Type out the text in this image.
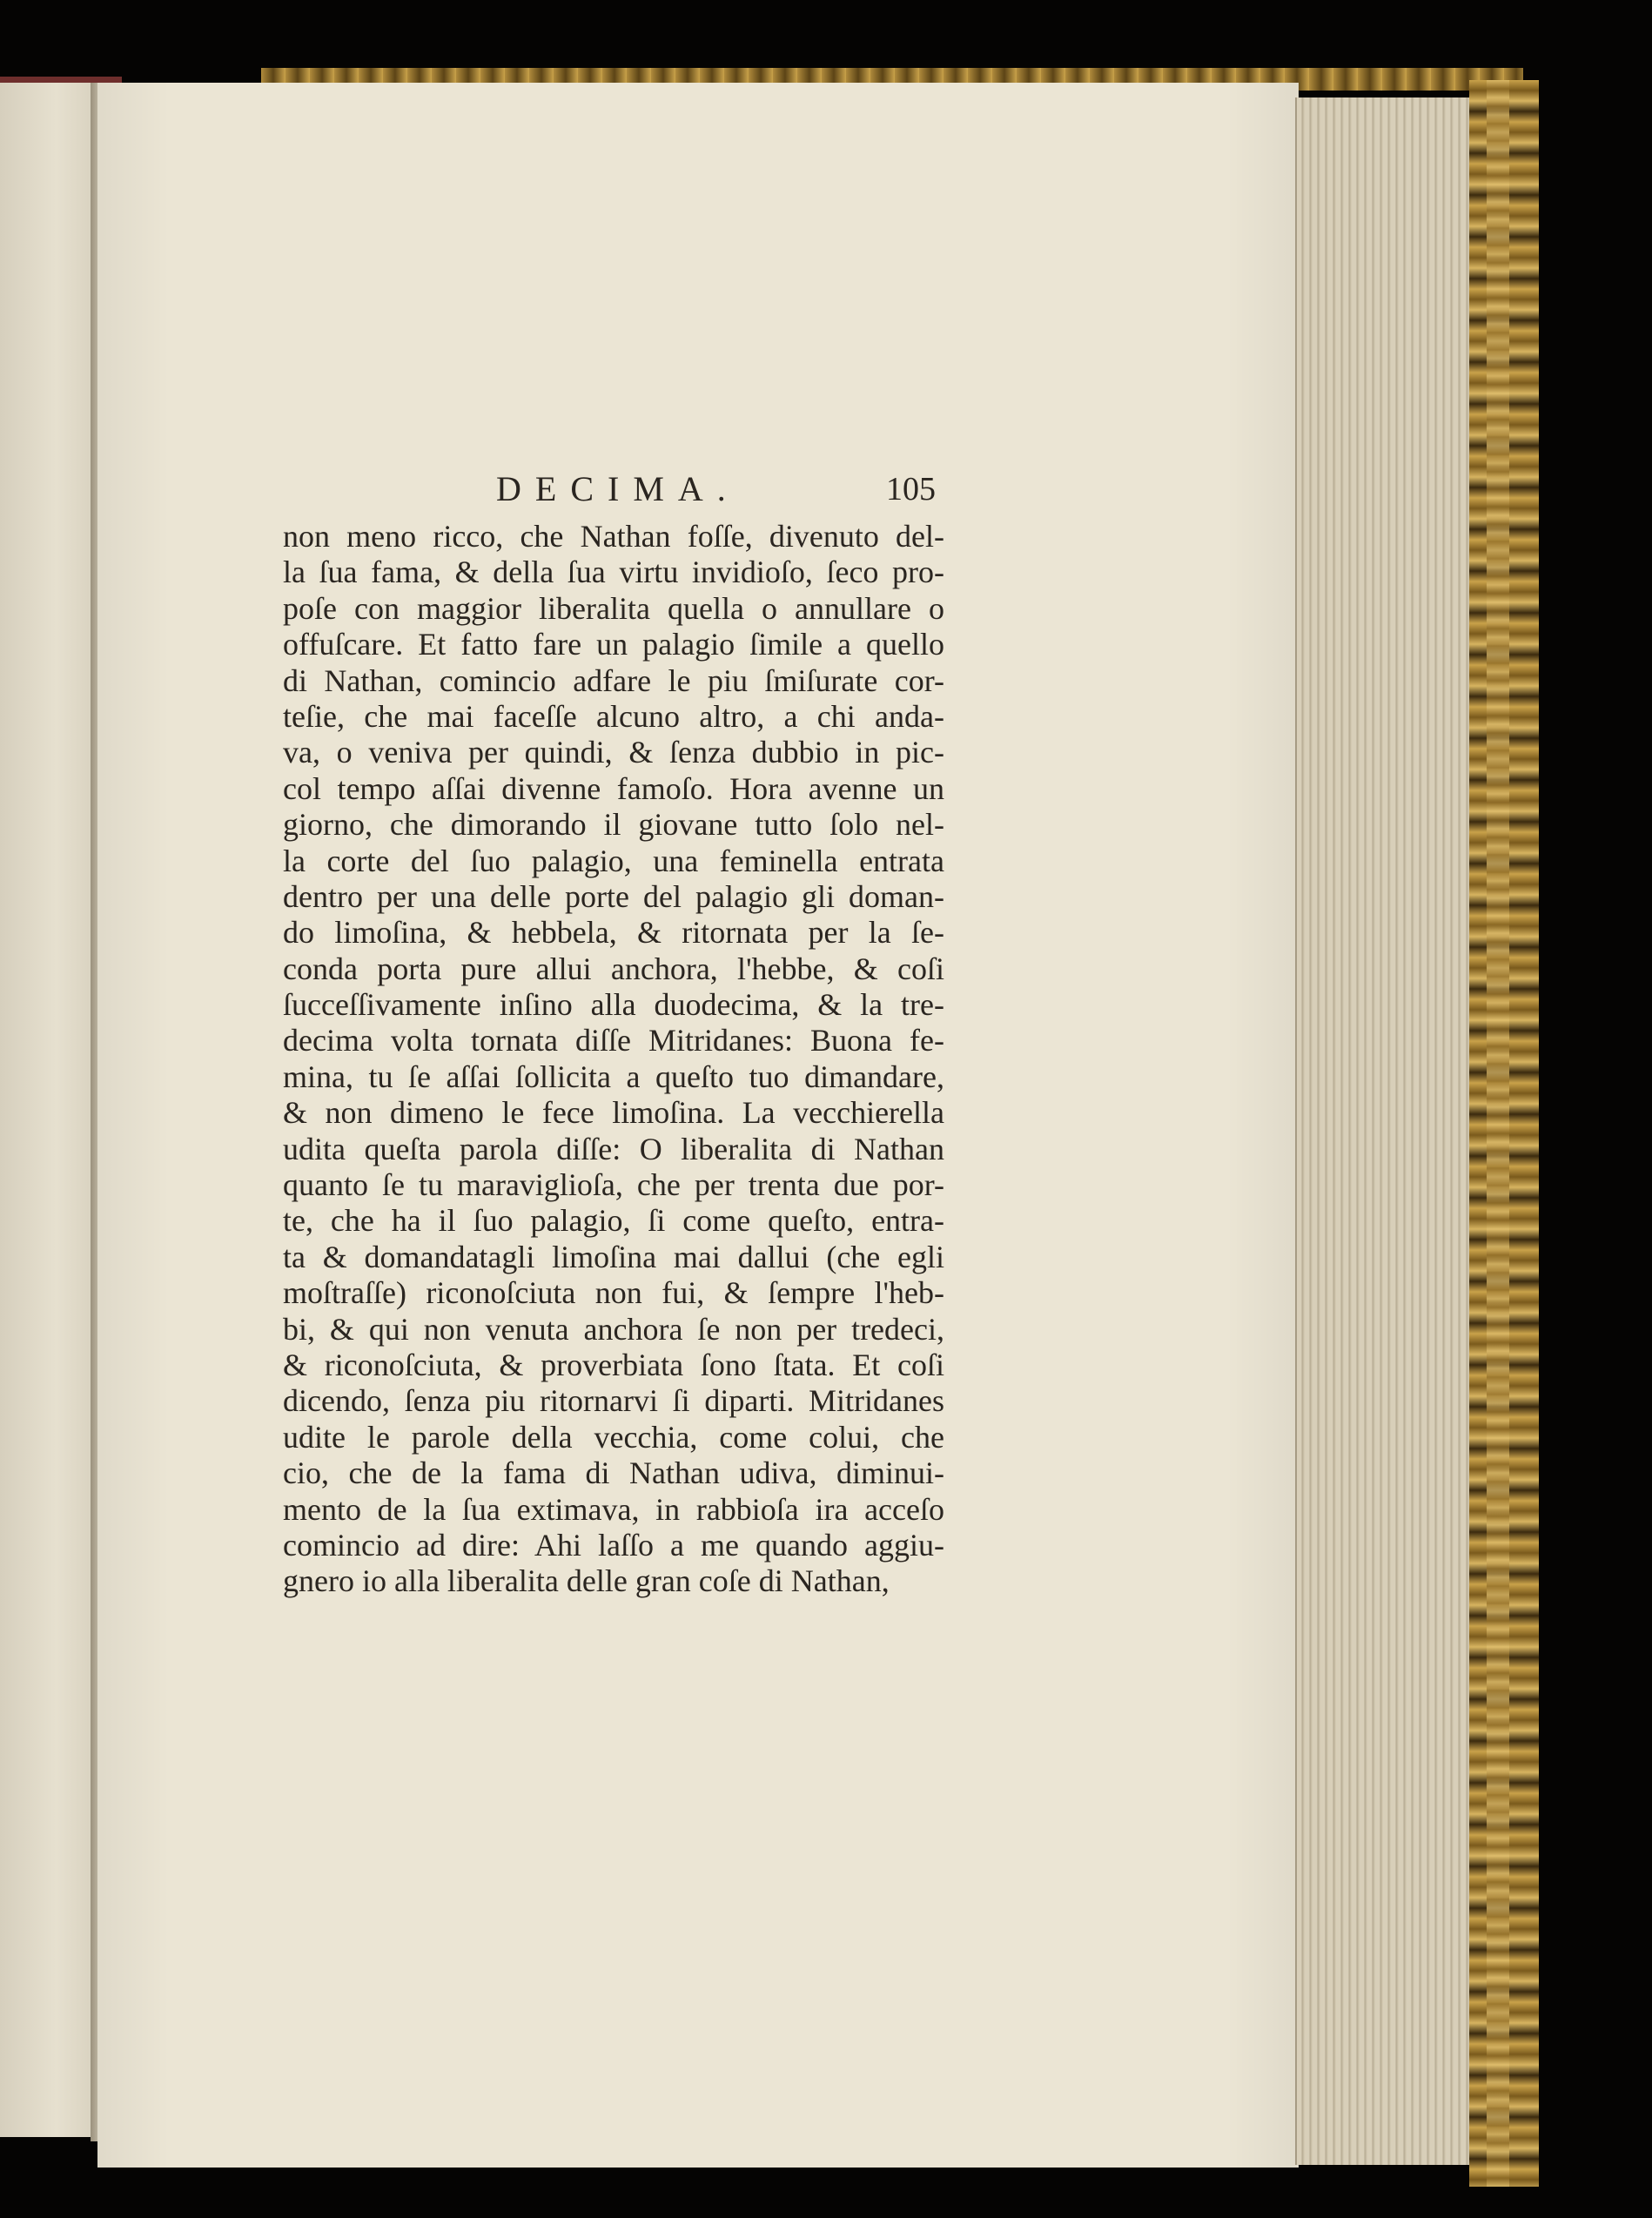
DECIMA.	105
non meno ricco, che Nathan foſſe, divenuto del-
la ſua fama, & della ſua virtu invidioſo, ſeco pro-
poſe con maggior liberalita quella o annullare o
offuſcare. Et fatto fare un palagio ſimile a quello
di Nathan, comincio adfare le piu ſmiſurate cor-
teſie, che mai faceſſe alcuno altro, a chi anda-
va, o veniva per quindi, & ſenza dubbio in pic-
col tempo aſſai divenne famoſo. Hora avenne un
giorno, che dimorando il giovane tutto ſolo nel-
la corte del ſuo palagio, una feminella entrata
dentro per una delle porte del palagio gli doman-
do limoſina, & hebbela, & ritornata per la ſe-
conda porta pure allui anchora, l'hebbe, & coſi
ſucceſſivamente inſino alla duodecima, & la tre-
decima volta tornata diſſe Mitridanes: Buona fe-
mina, tu ſe aſſai ſollicita a queſto tuo dimandare,
& non dimeno le fece limoſina. La vecchierella
udita queſta parola diſſe: O liberalita di Nathan
quanto ſe tu maraviglioſa, che per trenta due por-
te, che ha il ſuo palagio, ſi come queſto, entra-
ta & domandatagli limoſina mai dallui (che egli
moſtraſſe) riconoſciuta non fui, & ſempre l'heb-
bi, & qui non venuta anchora ſe non per tredeci,
& riconoſciuta, & proverbiata ſono ſtata. Et coſi
dicendo, ſenza piu ritornarvi ſi diparti. Mitridanes
udite le parole della vecchia, come colui, che
cio, che de la fama di Nathan udiva, diminui-
mento de la ſua extimava, in rabbioſa ira acceſo
comincio ad dire: Ahi laſſo a me quando aggiu-
gnero io alla liberalita delle gran coſe di Nathan,
